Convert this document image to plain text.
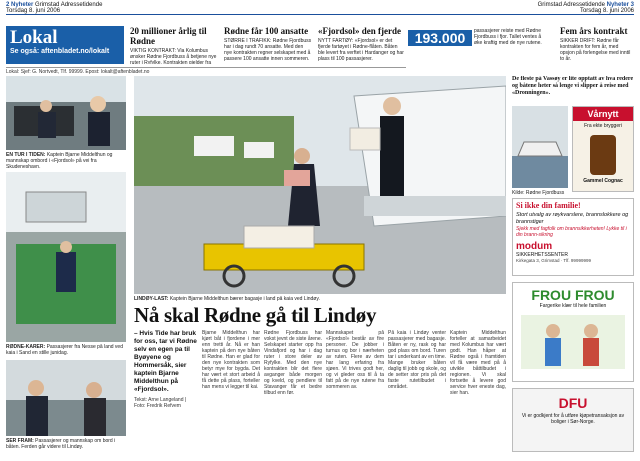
2 Nyheter Grimstad Adressetidende
Torsdag 8. juni 2006
Grimstad Adressetidende Nyheter 3
Torsdag 8. juni 2006
Lokal
Se også: aftenbladet.no/lokalt
20 millioner årlig til Rødne

VIKTIG KONTRAKT: Via Kolumbus ønsker Rødne Fjordbuss å betjene nye ruter i Ryfylke. Kontrakten gjelder fra

Rødne får 100 ansatte

STØRRE I TRAFIKK: Rødne Fjordbuss har i dag rundt 70 ansatte. Med den nye kontrakten regner selskapet med å passere 100 ansatte innen sommeren.

«Fjordsol» den fjerde

NYTT FARTØY: «Fjordsol» er det fjerde fartøyet i Rødne-flåten. Båten ble levert fra verftet i Hardanger og har plass til 100 passasjerer.

193.000	passasjerer reiste med Rødne Fjordbuss i fjor. Tallet ventes å øke kraftig med de nye rutene.
Fem års kontrakt

SIKKER DRIFT: Rødne får kontrakten for fem år, med opsjon på forlengelse med inntil to år.

Lokal: Sjef: G. Nortvedt, Tlf. 99999. Epost: lokalt@aftenbladet.no
EN TUR I TIDEN: Kaptein Bjarne Middelthun og mannskap ombord i «Fjordsol» på vei fra Skudeneshavn.
RØDNE-KARER: Passasjerer fra Nesse på land ved kaia i Sand en stille junidag.
SER FRAM: Passasjerer og mannskap om bord i båten. Ferden går videre til Lindøy.
LINDØY-LAST: Kaptein Bjarne Middelthun bærer bagasje i land på kaia ved Lindøy.
Nå skal Rødne gå til Lindøy

– Hvis Tide har bruk for oss, tar vi Rødne selv en egen pa til Byøyene og Hommersåk, sier kaptein Bjarne Middelthun på «Fjordsol».

Tekst: Arne Langeland | Foto: Fredrik Refvem

Bjarne Middelthun har kjørt båt i fjordene i mer enn tretti år. Nå er han kaptein på den nye båten til Rødne. Han er glad for den nye kontrakten som betyr mye for bygda. Det har vært et stort arbeid å få dette på plass, forteller han mens vi legger til kai.
Rødne Fjordbuss har vokst jevnt de siste årene. Selskapet starter opp fra Vindafjord og har i dag ruter i store deler av Ryfylke. Med den nye kontrakten blir det flere avganger både morgen og kveld, og pendlere til Stavanger får et bedre tilbud enn før.
Mannskapet på «Fjordsol» består av fire personer. De jobber i turnus og bor i nærheten av ruten. Flere av dem har lang erfaring fra sjøen. Vi trives godt her, og vi gleder oss til å ta fatt på de nye rutene fra sommeren av.
På kaia i Lindøy venter passasjerer med bagasje. Båten er ny, rask og har god plass om bord. Turen tar i underkant av en time. Mange bruker båten daglig til jobb og skole, og de setter stor pris på det faste rutetilbudet i området.
Kaptein Middelthun forteller at samarbeidet med Kolumbus har vært godt. Han håper at Rødne også i framtiden vil få være med på å utvikle båttilbudet i regionen. Vi skal fortsette å levere god service hver eneste dag, sier han.
De fleste på Vassøy er lite opptatt av hva redere og båtene heter så lenge vi slipper å reise med «Dronningen».
Kilde: Rødne Fjordbuss
Vårnytt
Fra ekte bryggeri
Gammel Cognac
Si ikke din familie!
Stort utvalg av røykvarslere, brannslokkere og brannstiger
Sjekk med fagfolk om brannsikkerheten! Lykke til i din brann-sikring
modum
SIKKERHETSSENTER
Kirkegata 3, Grimstad · Tlf. 99999999
FROU FROU
Fargerike klær til hele familien
DFU
Vi er godkjent for å utføre kjøpetransaksjon av boliger i Sør-Norge.
